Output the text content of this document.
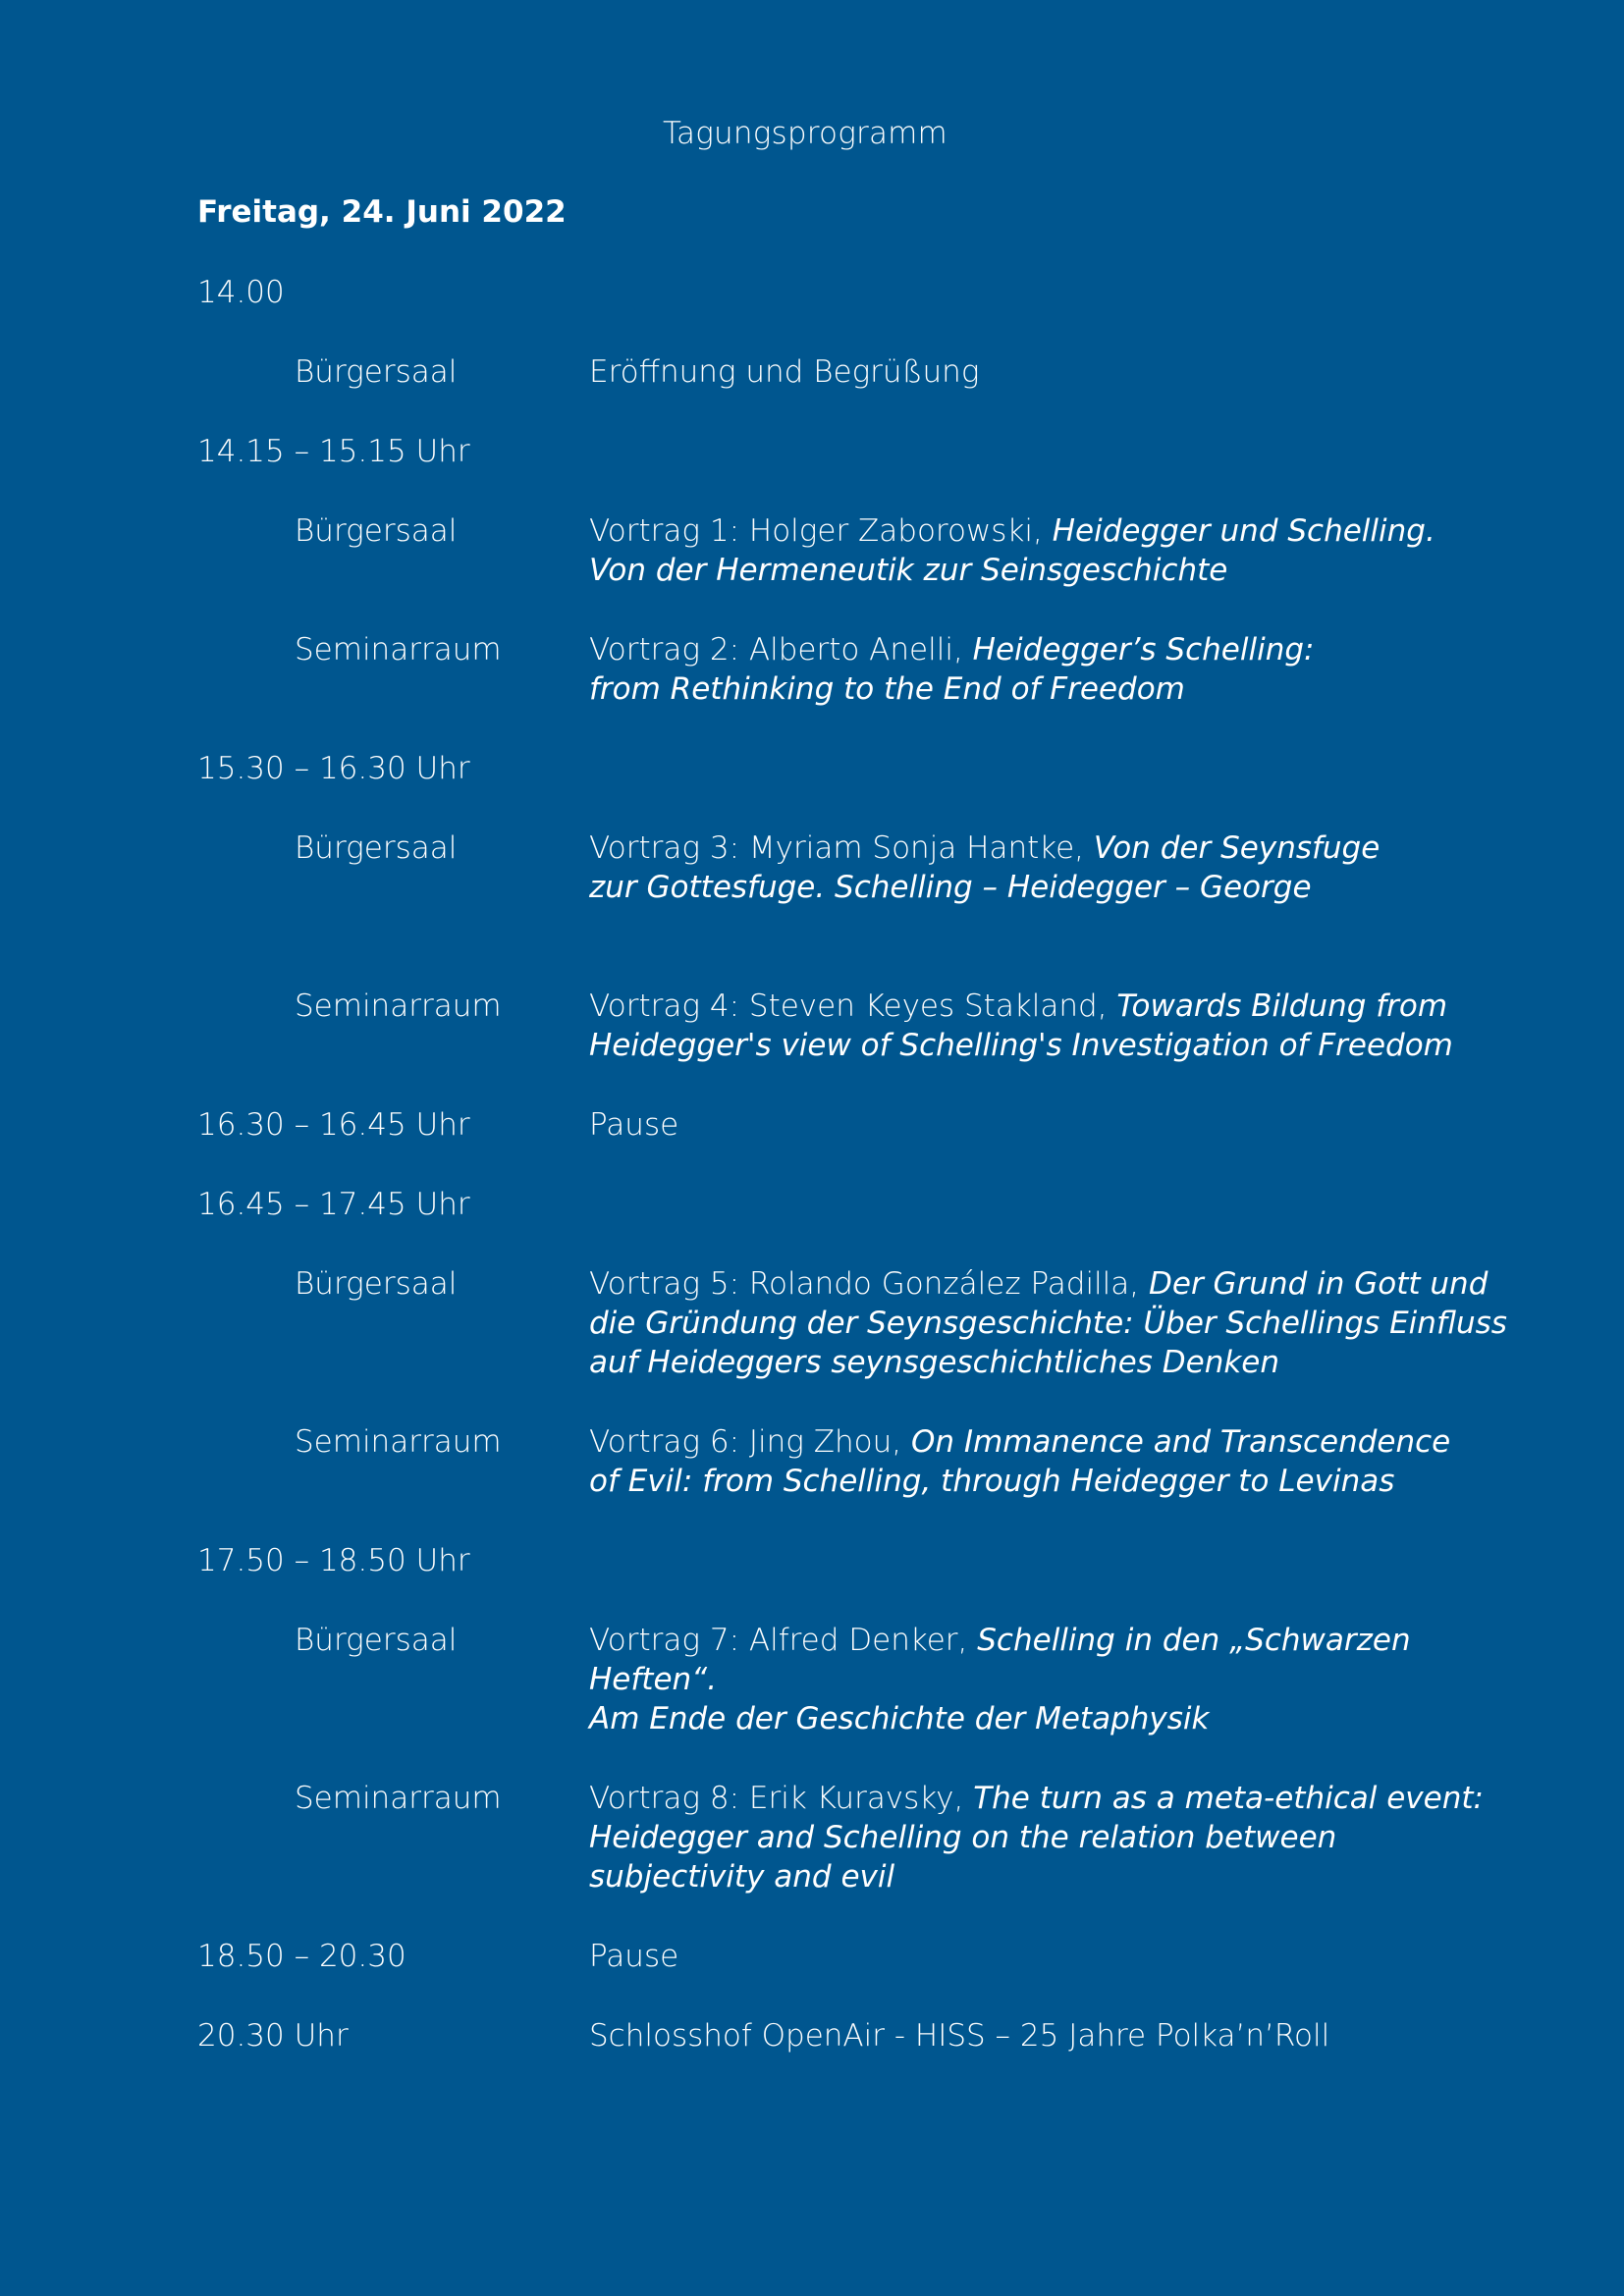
Tagungsprogramm
Freitag, 24. Juni 2022
14.00
Bürgersaal	Eröffnung und Begrüßung
14.15 – 15.15 Uhr
Bürgersaal	Vortrag 1: Holger Zaborowski, Heidegger und Schelling.
Von der Hermeneutik zur Seinsgeschichte
Seminarraum	Vortrag 2: Alberto Anelli, Heidegger’s Schelling:
from Rethinking to the End of Freedom
15.30 – 16.30 Uhr
Bürgersaal	Vortrag 3: Myriam Sonja Hantke, Von der Seynsfuge
zur Gottesfuge. Schelling – Heidegger – George
Seminarraum	Vortrag 4: Steven Keyes Stakland, Towards Bildung from
Heidegger's view of Schelling's Investigation of Freedom
16.30 – 16.45 Uhr	Pause
16.45 – 17.45 Uhr
Bürgersaal	Vortrag 5: Rolando González Padilla, Der Grund in Gott und
die Gründung der Seynsgeschichte: Über Schellings Einfluss
auf Heideggers seynsgeschichtliches Denken
Seminarraum	Vortrag 6: Jing Zhou, On Immanence and Transcendence
of Evil: from Schelling, through Heidegger to Levinas
17.50 – 18.50 Uhr
Bürgersaal	Vortrag 7: Alfred Denker, Schelling in den „Schwarzen Heften“.
Am Ende der Geschichte der Metaphysik
Seminarraum	Vortrag 8: Erik Kuravsky, The turn as a meta-ethical event:
Heidegger and Schelling on the relation between
subjectivity and evil
18.50 – 20.30	Pause
20.30 Uhr	Schlosshof OpenAir - HISS – 25 Jahre Polka’n’Roll
